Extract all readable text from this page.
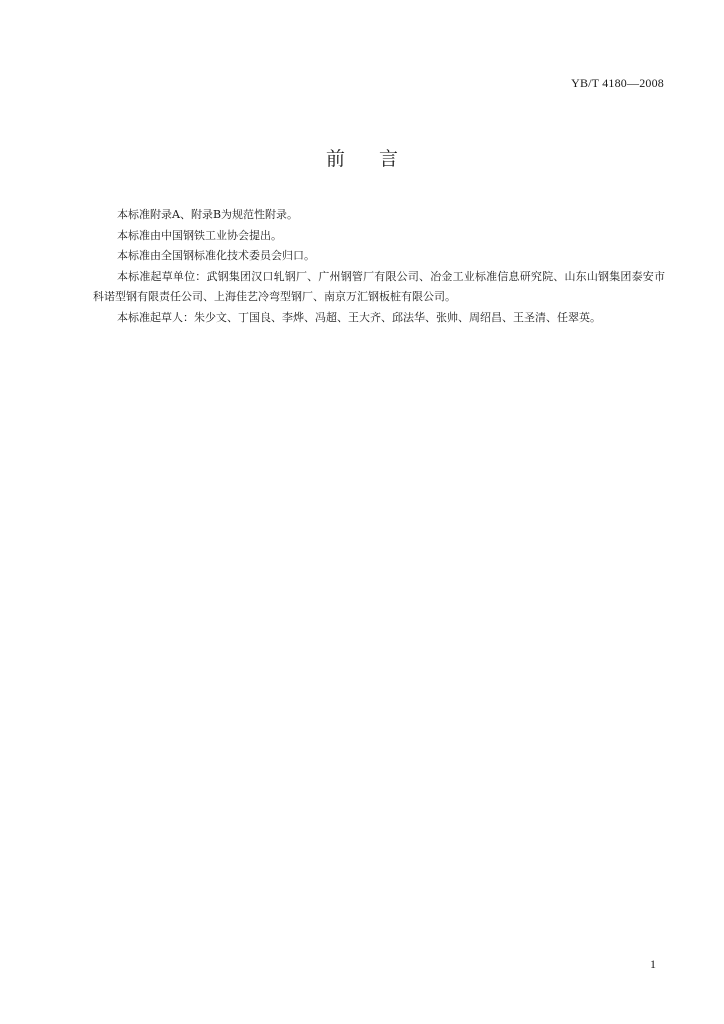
YB/T 4180—2008
前言

本标准附录A、附录B为规范性附录。

本标准由中国钢铁工业协会提出。

本标准由全国钢标准化技术委员会归口。

本标准起草单位：武钢集团汉口轧钢厂、广州钢管厂有限公司、冶金工业标准信息研究院、山东山钢集团泰安市科诺型钢有限责任公司、上海佳艺冷弯型钢厂、南京万汇钢板桩有限公司。

本标准起草人：朱少文、丁国良、李烨、冯超、王大齐、邱法华、张帅、周绍昌、王圣清、任翠英。

1
